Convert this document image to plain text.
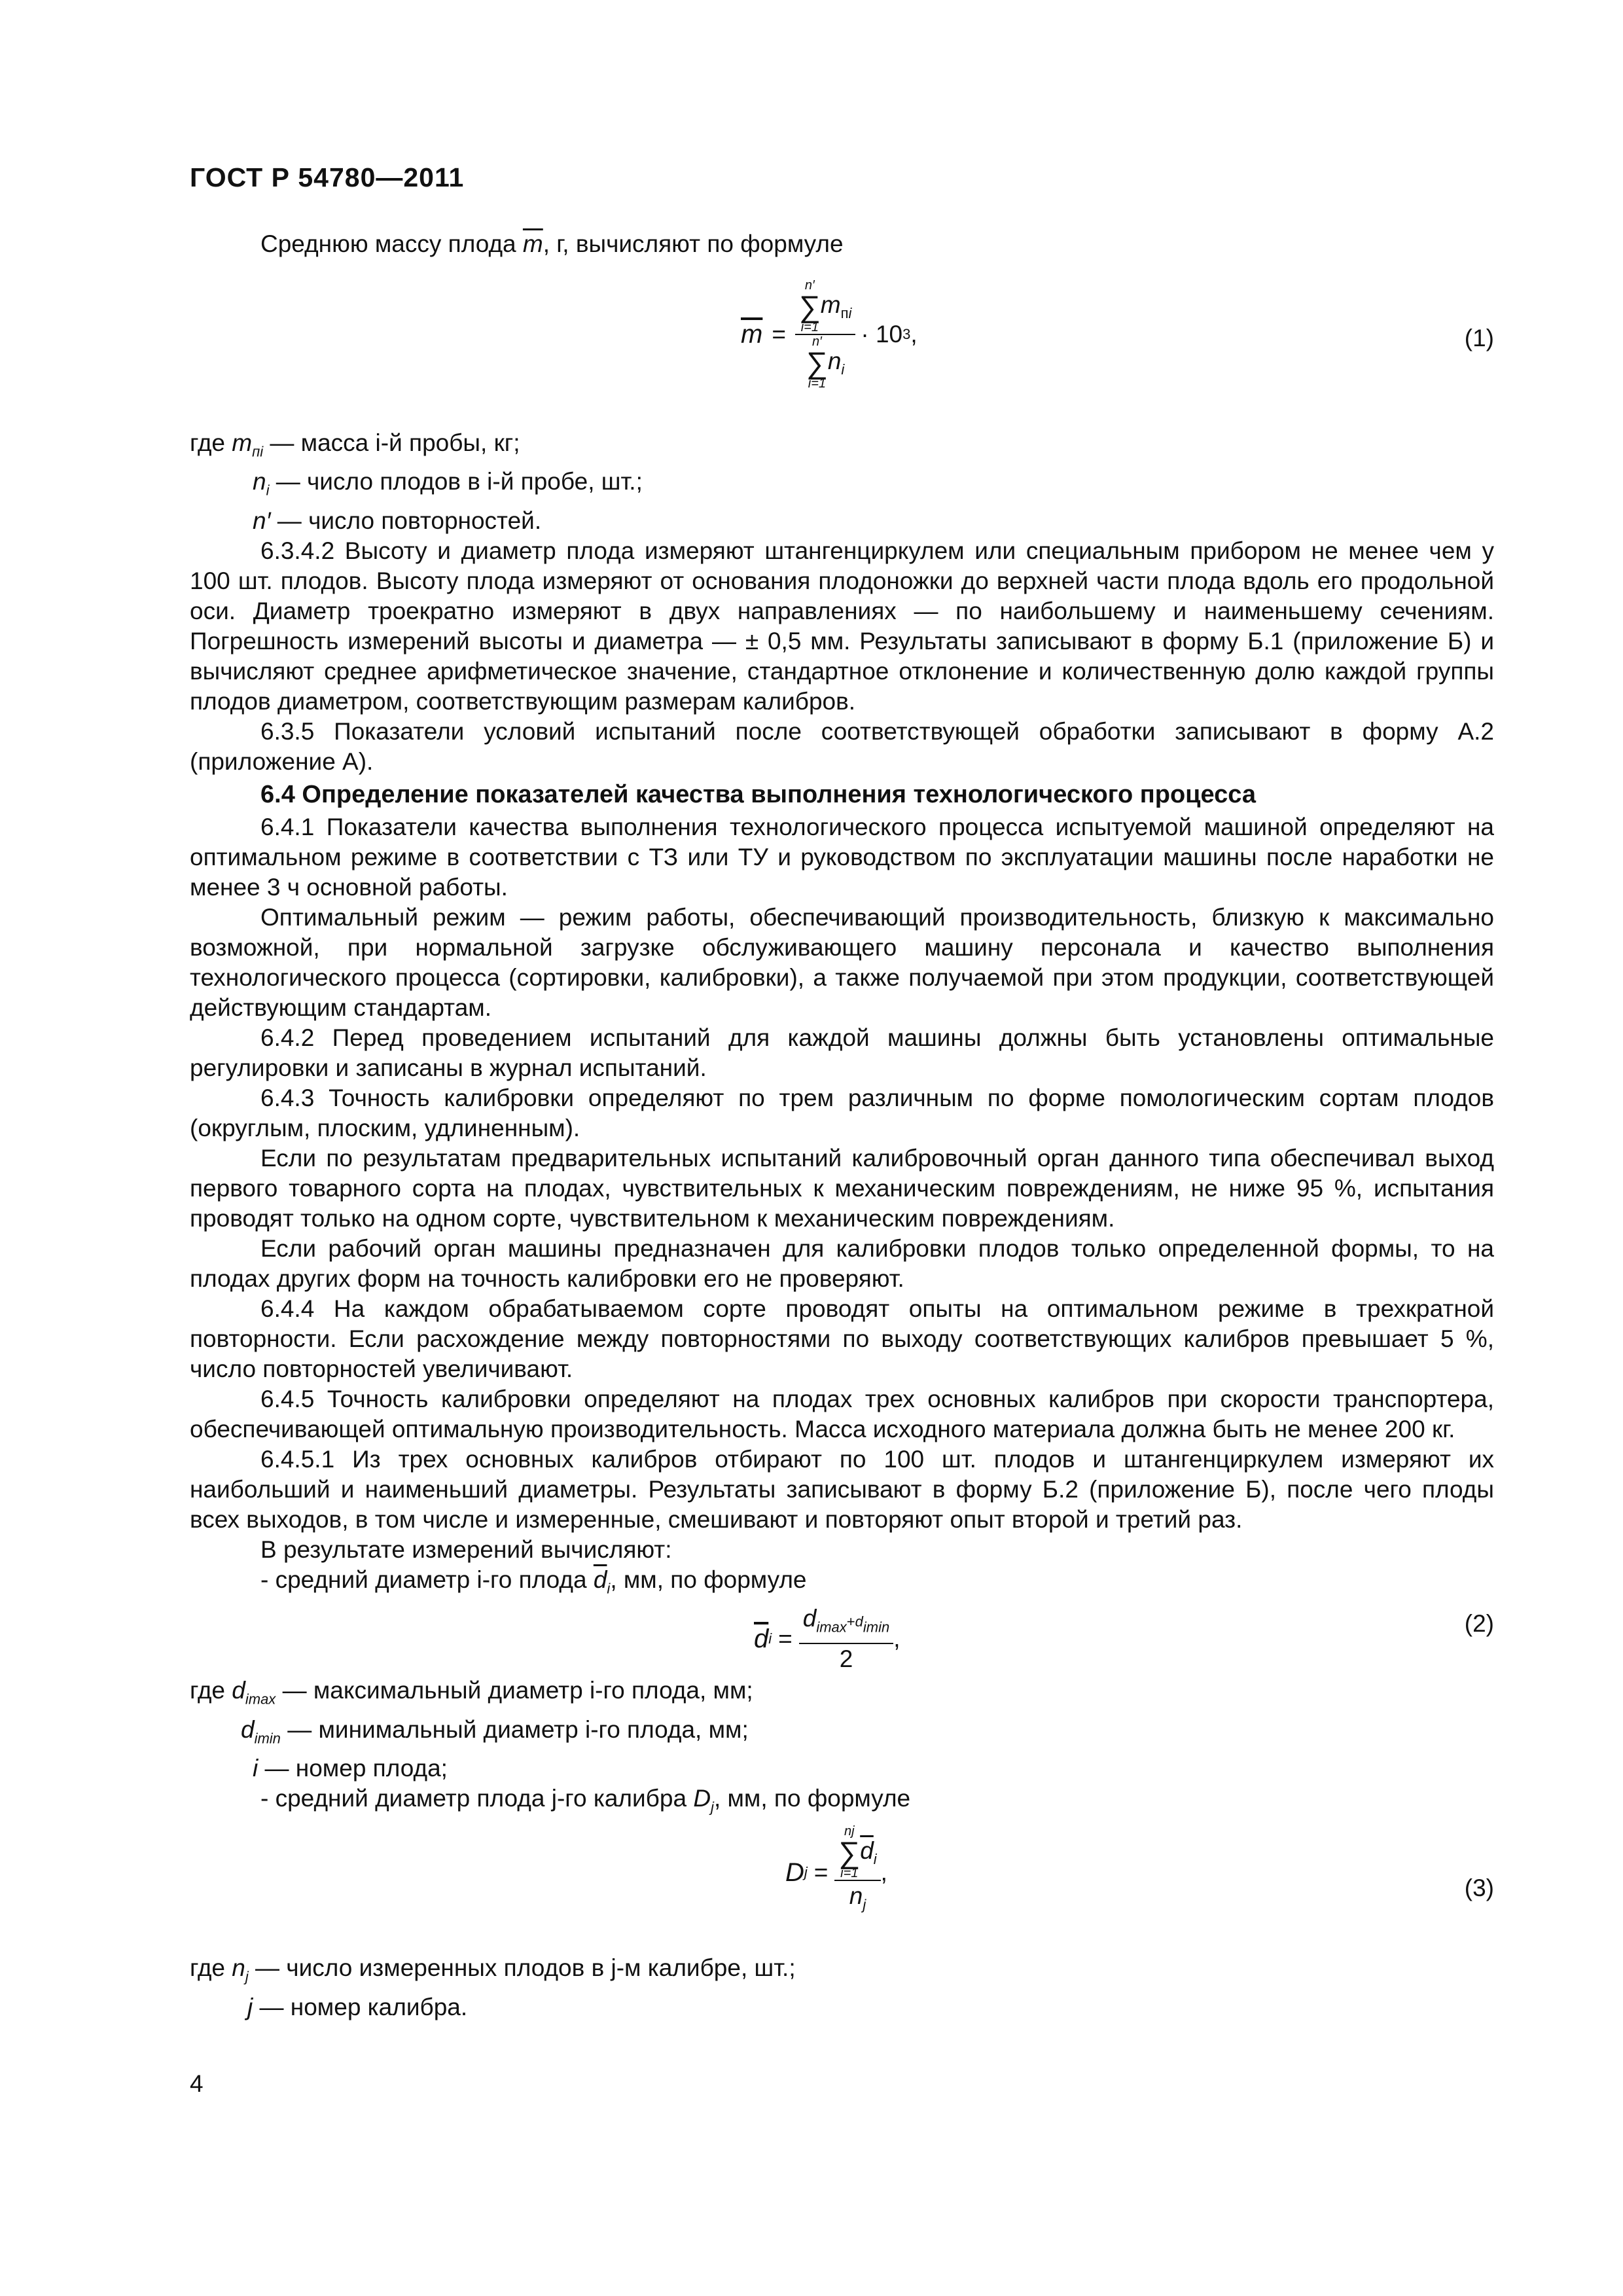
ГОСТ Р 54780—2011

Среднюю массу плода $\overline{m}$, г, вычисляют по формуле

$\overline{m} = n'$
∑
i=1
$m_{пi}$
n′
∑
i=1
$n_i \cdot 10$ 3 ,	(1)

где $m_{пi}$ — масса i-й пробы, кг;

$n_i$ — число плодов в i-й пробе, шт.;

n′ — число повторностей.

6.3.4.2 Высоту и диаметр плода измеряют штангенциркулем или специальным прибором не менее чем у 100 шт. плодов. Высоту плода измеряют от основания плодоножки до верхней части плода вдоль его продольной оси. Диаметр троекратно измеряют в двух направлениях — по наибольшему и наименьшему сечениям. Погрешность измерений высоты и диаметра — ± 0,5 мм. Результаты записывают в форму Б.1 (приложение Б) и вычисляют среднее арифметическое значение, стандартное отклонение и количественную долю каждой группы плодов диаметром, соответствующим размерам калибров.

6.3.5 Показатели условий испытаний после соответствующей обработки записывают в форму А.2 (приложение А).

6.4 Определение показателей качества выполнения технологического процесса

6.4.1 Показатели качества выполнения технологического процесса испытуемой машиной определяют на оптимальном режиме в соответствии с ТЗ или ТУ и руководством по эксплуатации машины после наработки не менее 3 ч основной работы.

Оптимальный режим — режим работы, обеспечивающий производительность, близкую к максимально возможной, при нормальной загрузке обслуживающего машину персонала и качество выполнения технологического процесса (сортировки, калибровки), а также получаемой при этом продукции, соответствующей действующим стандартам.

6.4.2 Перед проведением испытаний для каждой машины должны быть установлены оптимальные регулировки и записаны в журнал испытаний.

6.4.3 Точность калибровки определяют по трем различным по форме помологическим сортам плодов (округлым, плоским, удлиненным).

Если по результатам предварительных испытаний калибровочный орган данного типа обеспечивал выход первого товарного сорта на плодах, чувствительных к механическим повреждениям, не ниже 95 %, испытания проводят только на одном сорте, чувствительном к механическим повреждениям.

Если рабочий орган машины предназначен для калибровки плодов только определенной формы, то на плодах других форм на точность калибровки его не проверяют.

6.4.4 На каждом обрабатываемом сорте проводят опыты на оптимальном режиме в трехкратной повторности. Если расхождение между повторностями по выходу соответствующих калибров превышает 5 %, число повторностей увеличивают.

6.4.5 Точность калибровки определяют на плодах трех основных калибров при скорости транспортера, обеспечивающей оптимальную производительность. Масса исходного материала должна быть не менее 200 кг.

6.4.5.1 Из трех основных калибров отбирают по 100 шт. плодов и штангенциркулем измеряют их наибольший и наименьший диаметры. Результаты записывают в форму Б.2 (приложение Б), после чего плоды всех выходов, в том числе и измеренные, смешивают и повторяют опыт второй и третий раз.

В результате измерений вычисляют:

- средний диаметр i-го плода $\overline{d}_i$, мм, по формуле

$\overline{d}$ $i = \frac{d_{imax}+d_{imin}}{2}$ ,
(2)

где $d_{imax}$ — максимальный диаметр i-го плода, мм;

$d_{imin}$ — минимальный диаметр i-го плода, мм;

i — номер плода;

- средний диаметр плода j-го калибра $D_j$, мм, по формуле

D j = nj
∑
i=1
$\overline{d}_i$
$n_j$ ,
(3)

где $n_j$ — число измеренных плодов в j-м калибре, шт.;

j — номер калибра.

4
